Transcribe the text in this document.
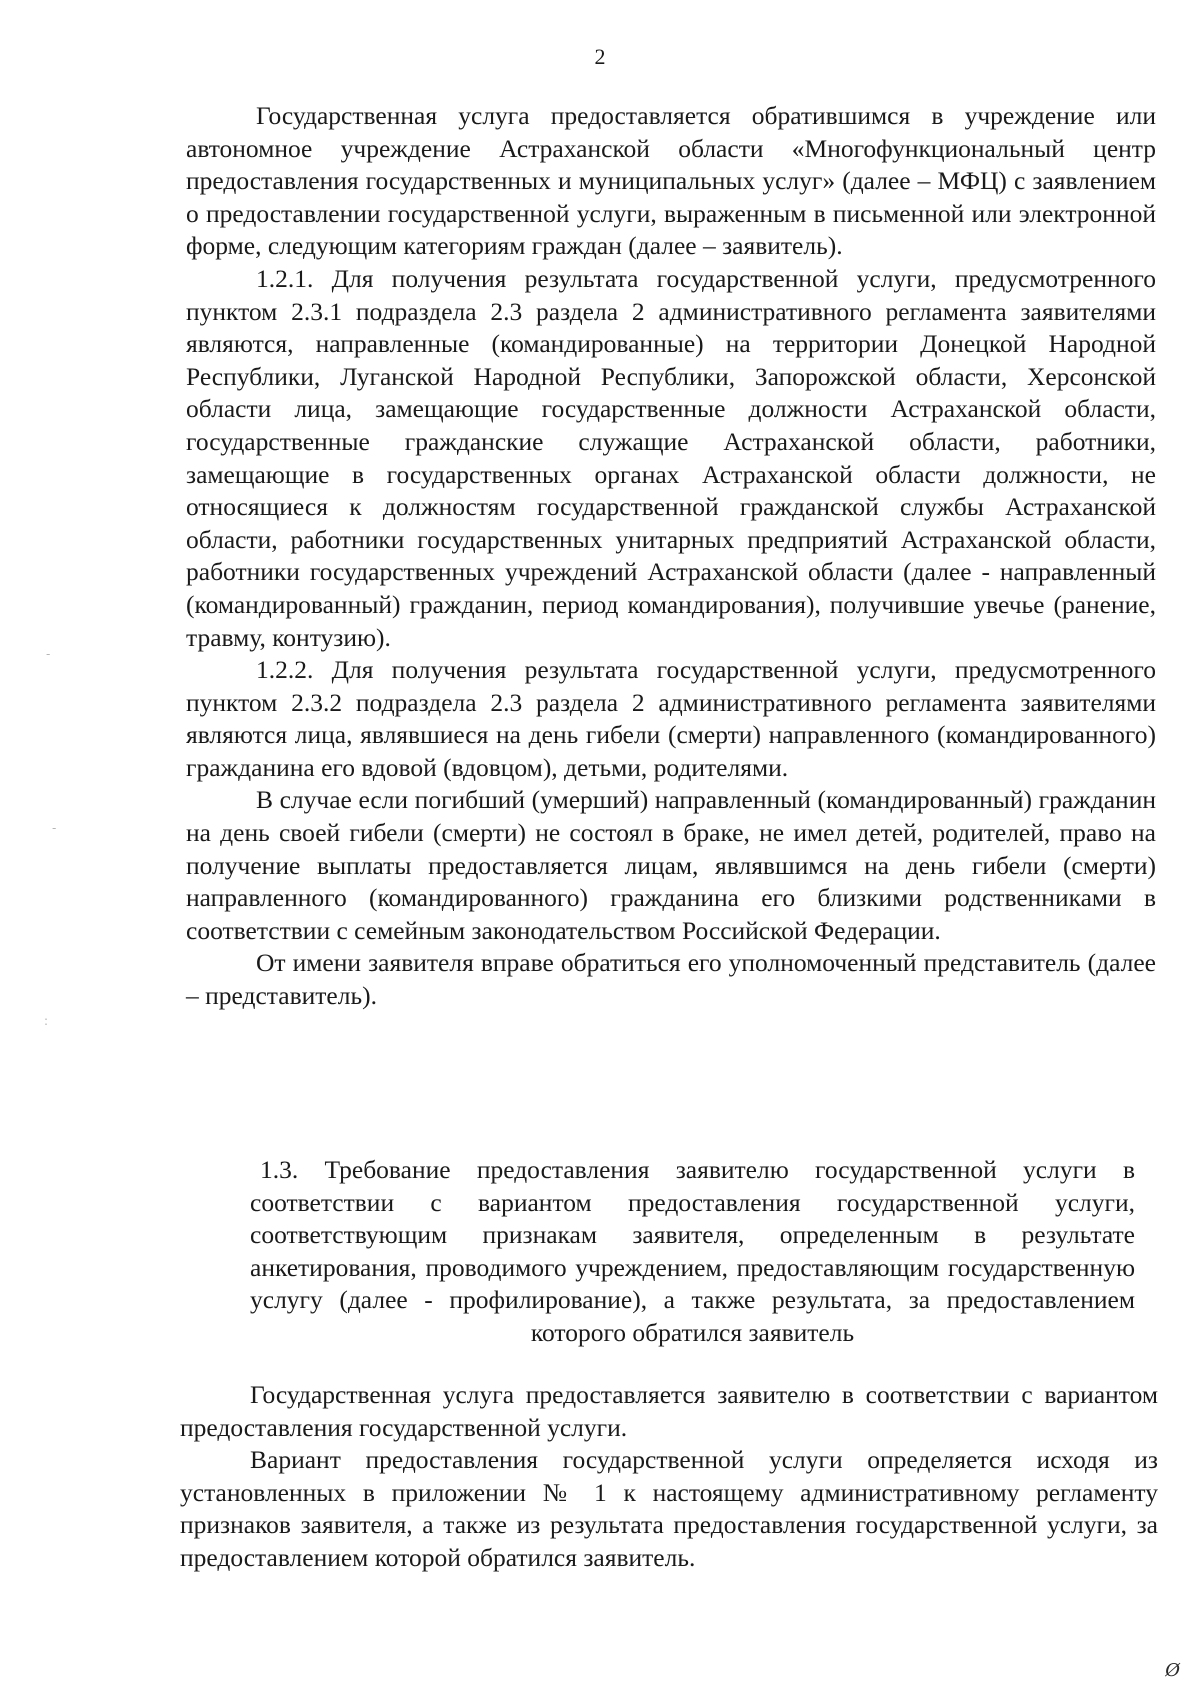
2

Государственная услуга предоставляется обратившимся в учреждение или автономное учреждение Астраханской области «Многофункциональный центр предоставления государственных и муниципальных услуг» (далее – МФЦ) с заявлением о предоставлении государственной услуги, выраженным в письменной или электронной форме, следующим категориям граждан (далее – заявитель).

1.2.1. Для получения результата государственной услуги, предусмотренного пунктом 2.3.1 подраздела 2.3 раздела 2 административного регламента заявителями являются, направленные (командированные) на территории Донецкой Народной Республики, Луганской Народной Республики, Запорожской области, Херсонской области лица, замещающие государственные должности Астраханской области, государственные гражданские служащие Астраханской области, работники, замещающие в государственных органах Астраханской области должности, не относящиеся к должностям государственной гражданской службы Астраханской области, работники государственных унитарных предприятий Астраханской области, работники государственных учреждений Астраханской области (далее - направленный (командированный) гражданин, период командирования), получившие увечье (ранение, травму, контузию).

1.2.2. Для получения результата государственной услуги, предусмотренного пунктом 2.3.2 подраздела 2.3 раздела 2 административного регламента заявителями являются лица, являвшиеся на день гибели (смерти) направленного (командированного) гражданина его вдовой (вдовцом), детьми, родителями.

В случае если погибший (умерший) направленный (командированный) гражданин на день своей гибели (смерти) не состоял в браке, не имел детей, родителей, право на получение выплаты предоставляется лицам, являвшимся на день гибели (смерти) направленного (командированного) гражданина его близкими родственниками в соответствии с семейным законодательством Российской Федерации.

От имени заявителя вправе обратиться его уполномоченный представитель (далее – представитель).

1.3. Требование предоставления заявителю государственной услуги в соответствии с вариантом предоставления государственной услуги, соответствующим признакам заявителя, определенным в результате анкетирования, проводимого учреждением, предоставляющим государственную услугу (далее - профилирование), а также результата, за предоставлением которого обратился заявитель

Государственная услуга предоставляется заявителю в соответствии с вариантом предоставления государственной услуги.

Вариант предоставления государственной услуги определяется исходя из установленных в приложении № 1 к настоящему административному регламенту признаков заявителя, а также из результата предоставления государственной услуги, за предоставлением которой обратился заявитель.

-
-
:
Ø
